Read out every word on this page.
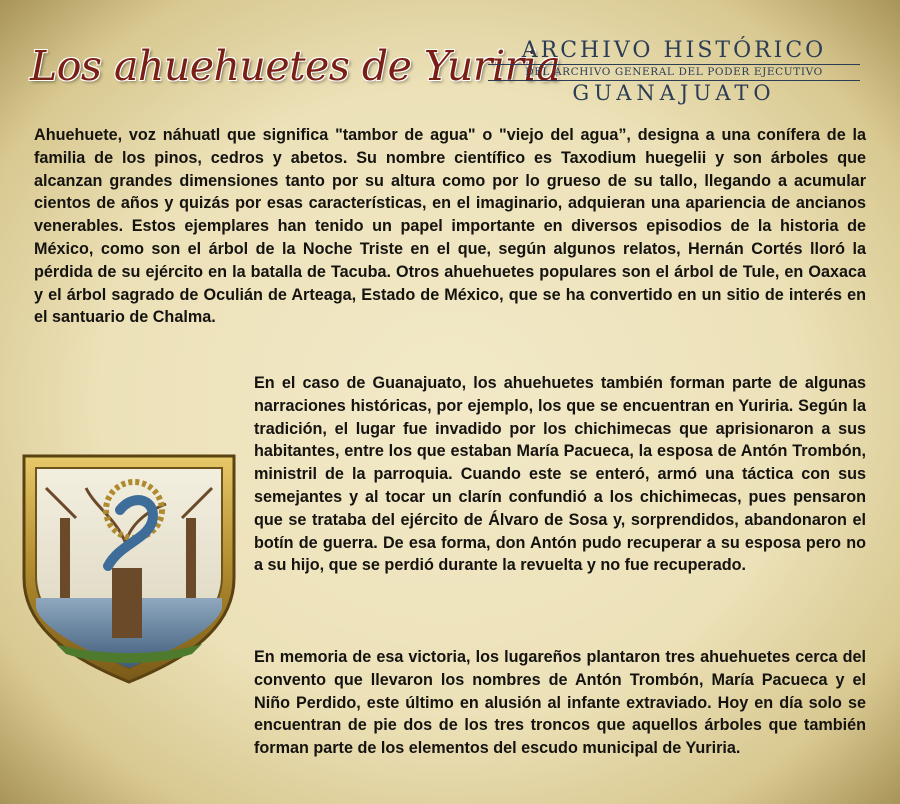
Los ahuehuetes de Yuriria
ARCHIVO HISTÓRICO
DEL ARCHIVO GENERAL DEL PODER EJECUTIVO
GUANAJUATO

Ahuehuete, voz náhuatl que significa "tambor de agua" o "viejo del agua”, designa a una conífera de la familia de los pinos, cedros y abetos. Su nombre científico es Taxodium huegelii y son árboles que alcanzan grandes dimensiones tanto por su altura como por lo grueso de su tallo, llegando a acumular cientos de años y quizás por esas características, en el imaginario, adquieran una apariencia de ancianos venerables. Estos ejemplares han tenido un papel importante en diversos episodios de la historia de México, como son el árbol de la Noche Triste en el que, según algunos relatos, Hernán Cortés lloró la pérdida de su ejército en la batalla de Tacuba. Otros ahuehuetes populares son el árbol de Tule, en Oaxaca y el árbol sagrado de Oculián de Arteaga, Estado de México, que se ha convertido en un sitio de interés en el santuario de Chalma.

En el caso de Guanajuato, los ahuehuetes también forman parte de algunas narraciones históricas, por ejemplo, los que se encuentran en Yuriria. Según la tradición, el lugar fue invadido por los chichimecas que aprisionaron a sus habitantes, entre los que estaban María Pacueca, la esposa de Antón Trombón, ministril de la parroquia. Cuando este se enteró, armó una táctica con sus semejantes y al tocar un clarín confundió a los chichimecas, pues pensaron que se trataba del ejército de Álvaro de Sosa y, sorprendidos, abandonaron el botín de guerra. De esa forma, don Antón pudo recuperar a su esposa pero no a su hijo, que se perdió durante la revuelta y no fue recuperado.

En memoria de esa victoria, los lugareños plantaron tres ahuehuetes cerca del convento que llevaron los nombres de Antón Trombón, María Pacueca y el Niño Perdido, este último en alusión al infante extraviado. Hoy en día solo se encuentran de pie dos de los tres troncos que aquellos árboles que también forman parte de los elementos del escudo municipal de Yuriria.
